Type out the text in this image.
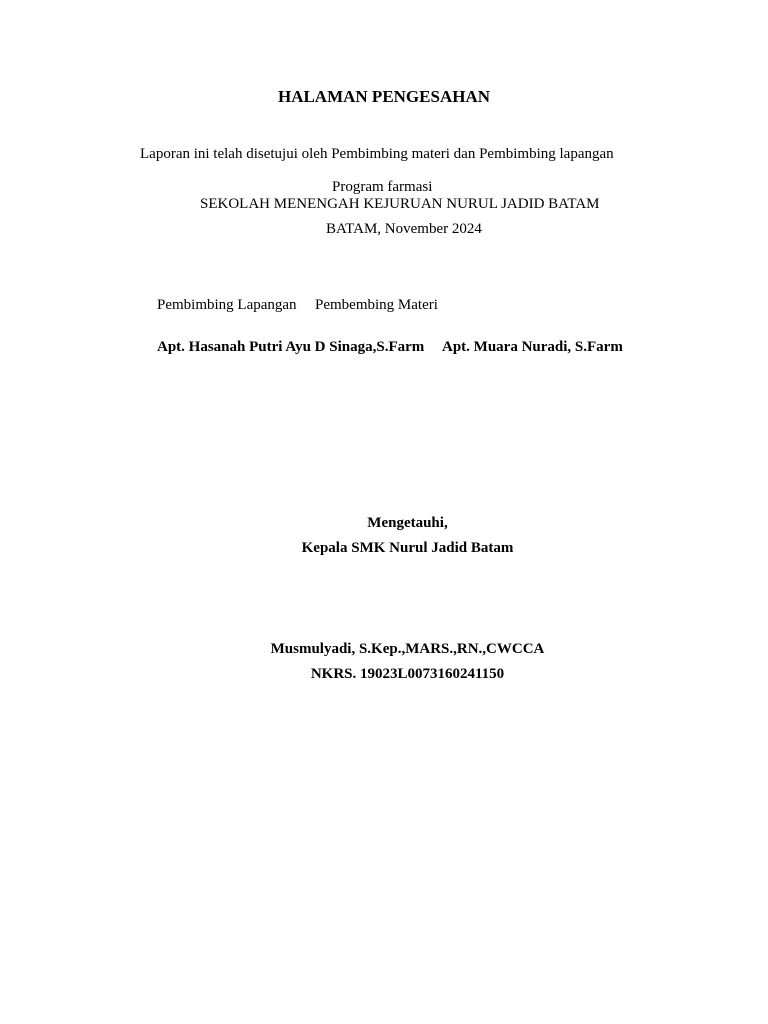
HALAMAN PENGESAHAN
Laporan ini telah disetujui oleh Pembimbing materi dan Pembimbing lapangan
Program farmasi
SEKOLAH MENENGAH KEJURUAN NURUL JADID BATAM
BATAM, November 2024
Pembimbing Lapangan Pembembing Materi
Apt. Hasanah Putri Ayu D Sinaga,S.Farm Apt. Muara Nuradi, S.Farm
Mengetauhi,
Kepala SMK Nurul Jadid Batam
Musmulyadi, S.Kep.,MARS.,RN.,CWCCA
NKRS. 19023L0073160241150
